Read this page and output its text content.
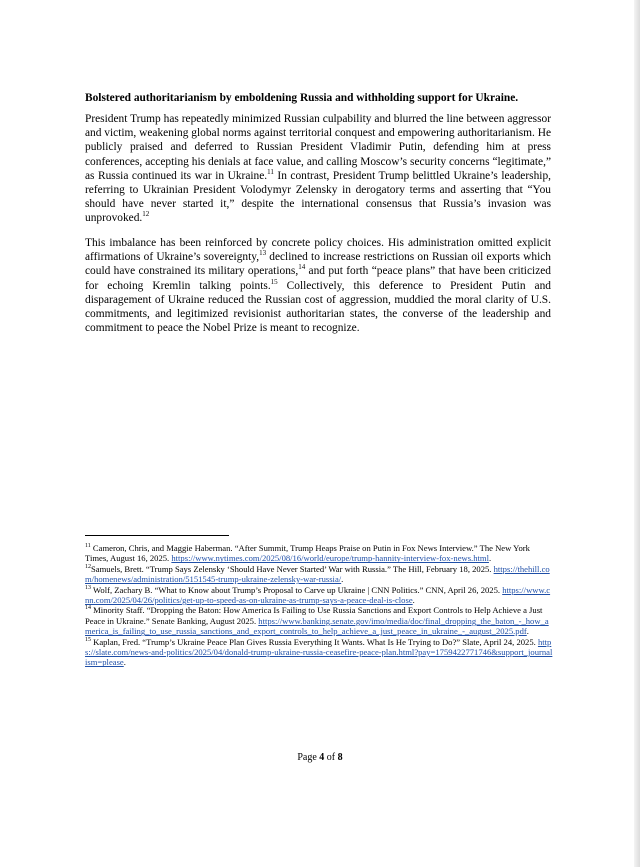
Bolstered authoritarianism by emboldening Russia and withholding support for Ukraine.
President Trump has repeatedly minimized Russian culpability and blurred the line between aggressor and victim, weakening global norms against territorial conquest and empowering authoritarianism. He publicly praised and deferred to Russian President Vladimir Putin, defending him at press conferences, accepting his denials at face value, and calling Moscow’s security concerns “legitimate,” as Russia continued its war in Ukraine.$^{11}$ In contrast, President Trump belittled Ukraine’s leadership, referring to Ukrainian President Volodymyr Zelensky in derogatory terms and asserting that “You should have never started it,” despite the international consensus that Russia’s invasion was unprovoked.$^{12}$
This imbalance has been reinforced by concrete policy choices. His administration omitted explicit affirmations of Ukraine’s sovereignty,$^{13}$ declined to increase restrictions on Russian oil exports which could have constrained its military operations,$^{14}$ and put forth “peace plans” that have been criticized for echoing Kremlin talking points.$^{15}$ Collectively, this deference to President Putin and disparagement of Ukraine reduced the Russian cost of aggression, muddied the moral clarity of U.S. commitments, and legitimized revisionist authoritarian states, the converse of the leadership and commitment to peace the Nobel Prize is meant to recognize.

$^{11}$ Cameron, Chris, and Maggie Haberman. “After Summit, Trump Heaps Praise on Putin in Fox News Interview.” The New York Times, August 16, 2025. https://www.nytimes.com/2025/08/16/world/europe/trump-hannity-interview-fox-news.html.

$^{12}$Samuels, Brett. “Trump Says Zelensky ‘Should Have Never Started’ War with Russia.” The Hill, February 18, 2025. https://thehill.com/homenews/administration/5151545-trump-ukraine-zelensky-war-russia/.

$^{13}$ Wolf, Zachary B. “What to Know about Trump’s Proposal to Carve up Ukraine | CNN Politics.” CNN, April 26, 2025. https://www.cnn.com/2025/04/26/politics/get-up-to-speed-as-on-ukraine-as-trump-says-a-peace-deal-is-close.

$^{14}$ Minority Staff. “Dropping the Baton: How America Is Failing to Use Russia Sanctions and Export Controls to Help Achieve a Just Peace in Ukraine.” Senate Banking, August 2025. https://www.banking.senate.gov/imo/media/doc/final_dropping_the_baton_-_how_america_is_failing_to_use_russia_sanctions_and_export_controls_to_help_achieve_a_just_peace_in_ukraine_-_august_2025.pdf.

$^{15}$ Kaplan, Fred. “Trump’s Ukraine Peace Plan Gives Russia Everything It Wants. What Is He Trying to Do?” Slate, April 24, 2025. https://slate.com/news-and-politics/2025/04/donald-trump-ukraine-russia-ceasefire-peace-plan.html?pay=1759422771746&support_journalism=please.

Page 4 of 8
